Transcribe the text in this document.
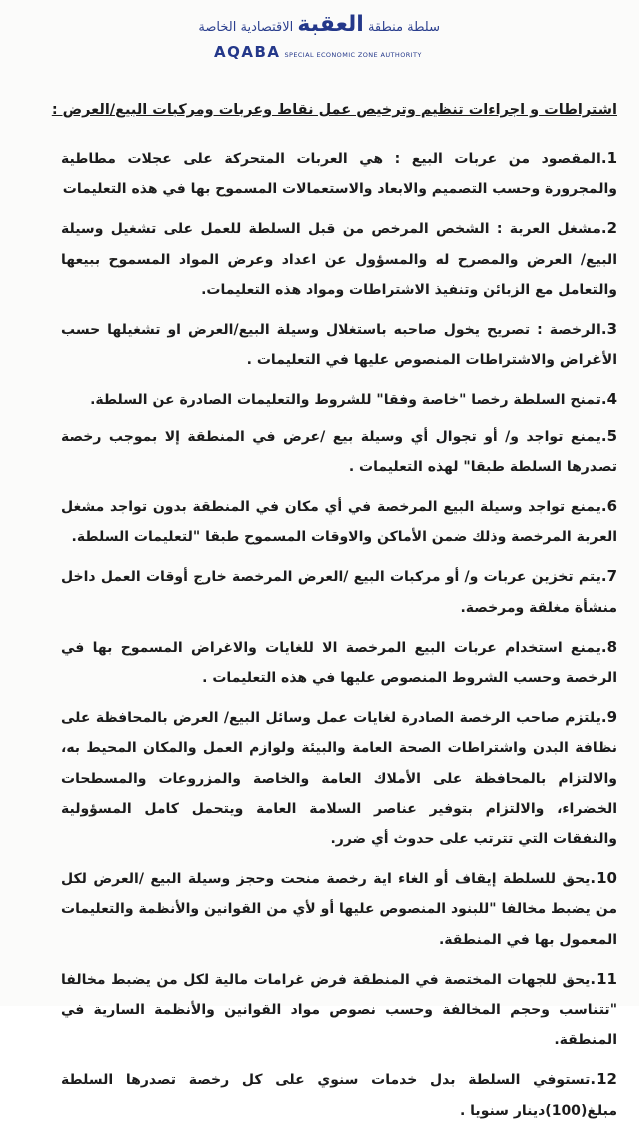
سلطة منطقة العقبة الاقتصادية الخاصة
AQABA SPECIAL ECONOMIC ZONE AUTHORITY
اشتراطات و اجراءات تنظيم وترخيص عمل نقاط وعربات ومركبات البيع/العرض :

1.المقصود من عربات البيع : هي العربات المتحركة على عجلات مطاطية والمجرورة وحسب التصميم والابعاد والاستعمالات المسموح بها في هذه التعليمات

2.مشغل العربة : الشخص المرخص من قبل السلطة للعمل على تشغيل وسيلة البيع/ العرض والمصرح له والمسؤول عن اعداد وعرض المواد المسموح ببيعها والتعامل مع الزبائن وتنفيذ الاشتراطات ومواد هذه التعليمات.

3.الرخصة : تصريح يخول صاحبه باستغلال وسيلة البيع/العرض او تشغيلها حسب الأغراض والاشتراطات المنصوص عليها في التعليمات .

4.تمنح السلطة رخصا "خاصة وفقا" للشروط والتعليمات الصادرة عن السلطة.

5.يمنع تواجد و/ أو تجوال أي وسيلة بيع /عرض في المنطقة إلا بموجب رخصة تصدرها السلطة طبقا" لهذه التعليمات .

6.يمنع تواجد وسيلة البيع المرخصة في أي مكان في المنطقة بدون تواجد مشغل العربة المرخصة وذلك ضمن الأماكن والاوقات المسموح طبقا "لتعليمات السلطة.

7.يتم تخزين عربات و/ أو مركبات البيع /العرض المرخصة خارج أوقات العمل داخل منشأة مغلقة ومرخصة.

8.يمنع استخدام عربات البيع المرخصة الا للغايات والاغراض المسموح بها في الرخصة وحسب الشروط المنصوص عليها في هذه التعليمات .

9.يلتزم صاحب الرخصة الصادرة لغايات عمل وسائل البيع/ العرض بالمحافظة على نظافة البدن واشتراطات الصحة العامة والبيئة ولوازم العمل والمكان المحيط به، والالتزام بالمحافظة على الأملاك العامة والخاصة والمزروعات والمسطحات الخضراء، والالتزام بتوفير عناصر السلامة العامة ويتحمل كامل المسؤولية والنفقات التي تترتب على حدوث أي ضرر.

10.يحق للسلطة إيقاف أو الغاء اية رخصة منحت وحجز وسيلة البيع /العرض لكل من يضبط مخالفا "للبنود المنصوص عليها أو لأي من القوانين والأنظمة والتعليمات المعمول بها في المنطقة.

11.يحق للجهات المختصة في المنطقة فرض غرامات مالية لكل من يضبط مخالفا "تتناسب وحجم المخالفة وحسب نصوص مواد القوانين والأنظمة السارية في المنطقة.

12.تستوفي السلطة بدل خدمات سنوي على كل رخصة تصدرها السلطة مبلغ(100)دينار سنويا .
